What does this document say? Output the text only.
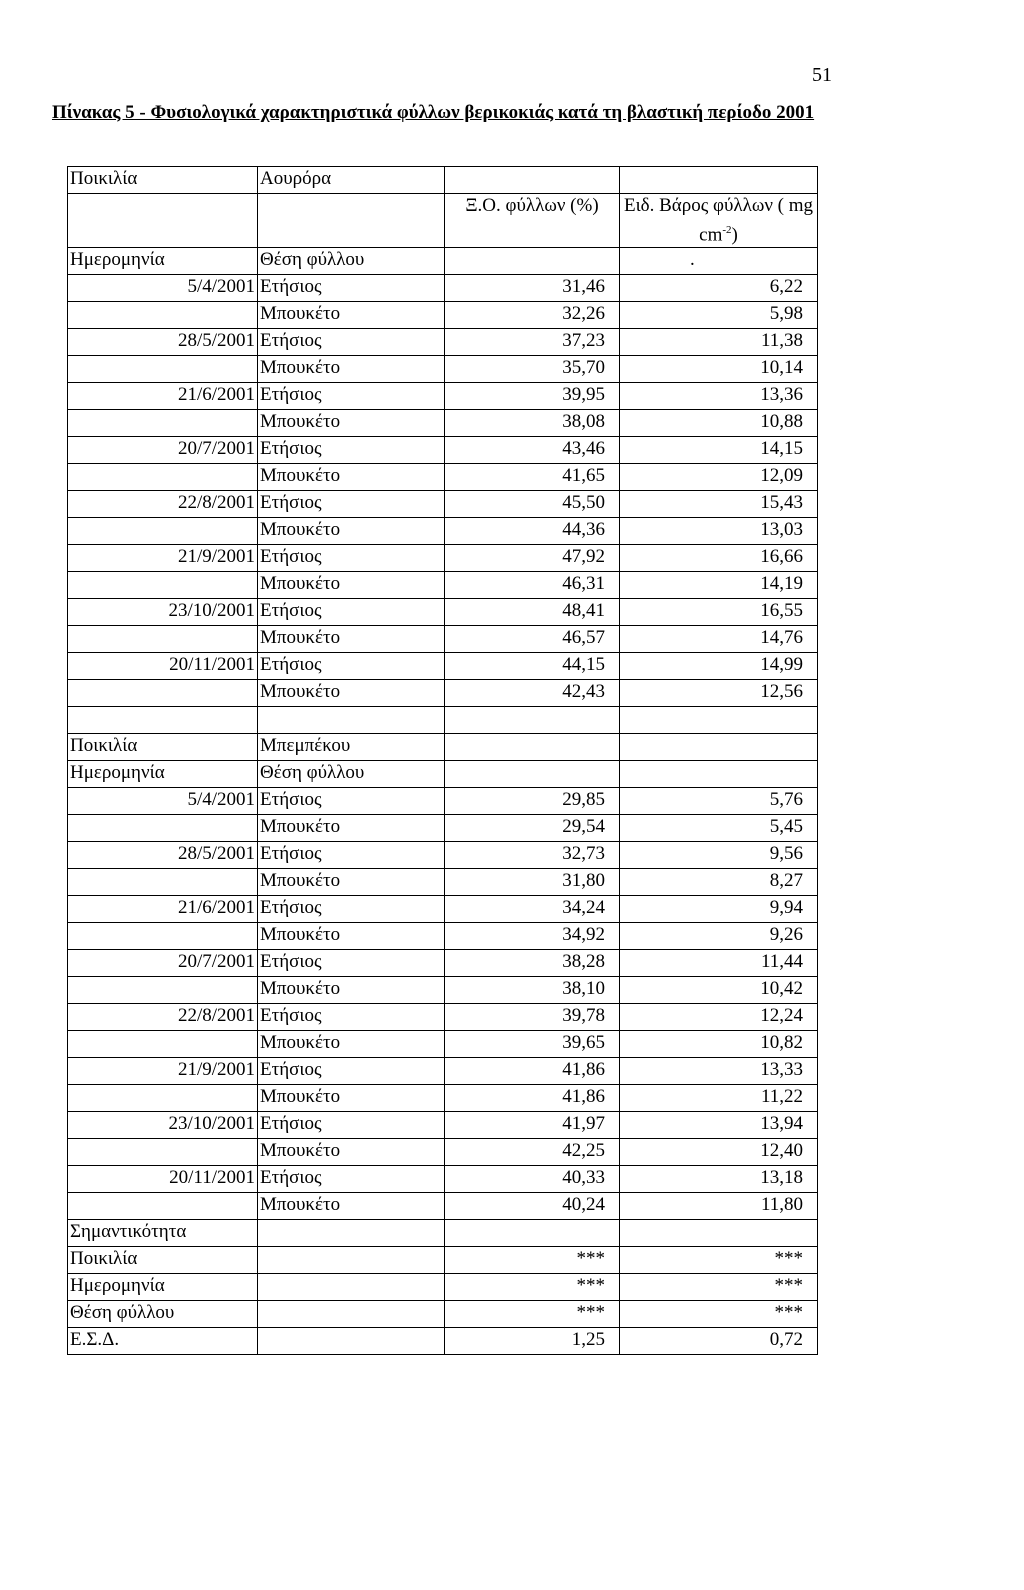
51
Πίνακας 5 - Φυσιολογικά χαρακτηριστικά φύλλων βερικοκιάς κατά τη βλαστική περίοδο 2001
Ποικιλία	Αουρόρα		
		Ξ.Ο. φύλλων (%)	Ειδ. Βάρος φύλλων ( mg $cm^{-2}$)
Ημερομηνία	Θέση φύλλου		.
5/4/2001	Ετήσιος	31,46	6,22
	Μπουκέτο	32,26	5,98
28/5/2001	Ετήσιος	37,23	11,38
	Μπουκέτο	35,70	10,14
21/6/2001	Ετήσιος	39,95	13,36
	Μπουκέτο	38,08	10,88
20/7/2001	Ετήσιος	43,46	14,15
	Μπουκέτο	41,65	12,09
22/8/2001	Ετήσιος	45,50	15,43
	Μπουκέτο	44,36	13,03
21/9/2001	Ετήσιος	47,92	16,66
	Μπουκέτο	46,31	14,19
23/10/2001	Ετήσιος	48,41	16,55
	Μπουκέτο	46,57	14,76
20/11/2001	Ετήσιος	44,15	14,99
	Μπουκέτο	42,43	12,56

Ποικιλία	Μπεμπέκου		
Ημερομηνία	Θέση φύλλου		
5/4/2001	Ετήσιος	29,85	5,76
	Μπουκέτο	29,54	5,45
28/5/2001	Ετήσιος	32,73	9,56
	Μπουκέτο	31,80	8,27
21/6/2001	Ετήσιος	34,24	9,94
	Μπουκέτο	34,92	9,26
20/7/2001	Ετήσιος	38,28	11,44
	Μπουκέτο	38,10	10,42
22/8/2001	Ετήσιος	39,78	12,24
	Μπουκέτο	39,65	10,82
21/9/2001	Ετήσιος	41,86	13,33
	Μπουκέτο	41,86	11,22
23/10/2001	Ετήσιος	41,97	13,94
	Μπουκέτο	42,25	12,40
20/11/2001	Ετήσιος	40,33	13,18
	Μπουκέτο	40,24	11,80
Σημαντικότητα			
Ποικιλία		***	***
Ημερομηνία		***	***
Θέση φύλλου		***	***
Ε.Σ.Δ.		1,25	0,72
